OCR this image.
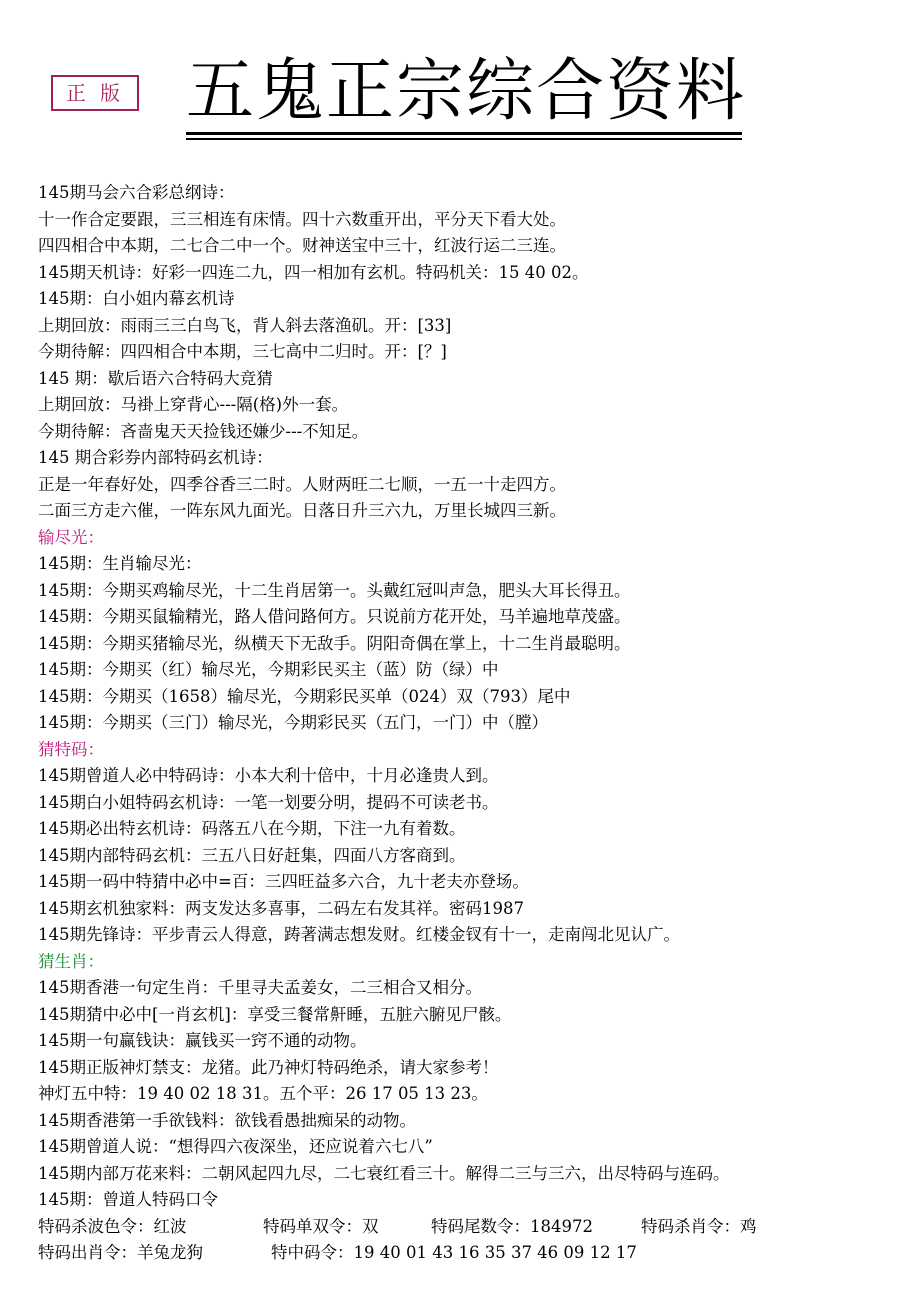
正 版 五鬼正宗综合资料
145期马会六合彩总纲诗：
十一作合定要跟，三三相连有床情。四十六数重开出，平分天下看大处。
四四相合中本期，二七合二中一个。财神送宝中三十，红波行运二三连。
145期天机诗：好彩一四连二九，四一相加有玄机。特码机关：15 40 02。
145期：白小姐内幕玄机诗
上期回放：雨雨三三白鸟飞，背人斜去落渔矶。开：[33]
今期待解：四四相合中本期，三七高中二归时。开：[？]
145 期：歇后语六合特码大竞猜
上期回放：马褂上穿背心---隔(格)外一套。
今期待解：吝啬鬼天天捡钱还嫌少---不知足。
145 期合彩券内部特码玄机诗：
正是一年春好处，四季谷香三二时。人财两旺二七顺，一五一十走四方。
二面三方走六催，一阵东风九面光。日落日升三六九，万里长城四三新。
输尽光：
145期：生肖输尽光：
145期：今期买鸡输尽光，十二生肖居第一。头戴红冠叫声急，肥头大耳长得丑。
145期：今期买鼠输精光，路人借问路何方。只说前方花开处，马羊遍地草茂盛。
145期：今期买猪输尽光，纵横天下无敌手。阴阳奇偶在掌上，十二生肖最聪明。
145期：今期买（红）输尽光，今期彩民买主（蓝）防（绿）中
145期：今期买（1658）输尽光，今期彩民买单（024）双（793）尾中
145期：今期买（三门）输尽光，今期彩民买（五门，一门）中（膛）
猜特码：
145期曾道人必中特码诗：小本大利十倍中，十月必逢贵人到。
145期白小姐特码玄机诗：一笔一划要分明，提码不可读老书。
145期必出特玄机诗：码落五八在今期，下注一九有着数。
145期内部特码玄机：三五八日好赶集，四面八方客商到。
145期一码中特猜中必中=百：三四旺益多六合，九十老夫亦登场。
145期玄机独家料：两支发达多喜事，二码左右发其祥。密码1987
145期先锋诗：平步青云人得意，踌著满志想发财。红楼金钗有十一，走南闯北见认广。
猜生肖：
145期香港一句定生肖：千里寻夫孟姜女，二三相合又相分。
145期猜中必中[一肖玄机]：享受三餐常鼾睡，五脏六腑见尸骸。
145期一句赢钱诀：赢钱买一窍不通的动物。
145期正版神灯禁支：龙猪。此乃神灯特码绝杀，请大家参考！
神灯五中特：19 40 02 18 31。五个平：26 17 05 13 23。
145期香港第一手欲钱料：欲钱看愚拙痴呆的动物。
145期曾道人说：“想得四六夜深坐，还应说着六七八”
145期内部万花来料：二朝风起四九尽，二七衰红看三十。解得二三与三六，出尽特码与连码。
145期：曾道人特码口令
特码杀波色令：红波	特码单双令：双	特码尾数令：184972	特码杀肖令：鸡
特码出肖令：羊兔龙狗	特中码令：19 40 01 43 16 35 37 46 09 12 17
